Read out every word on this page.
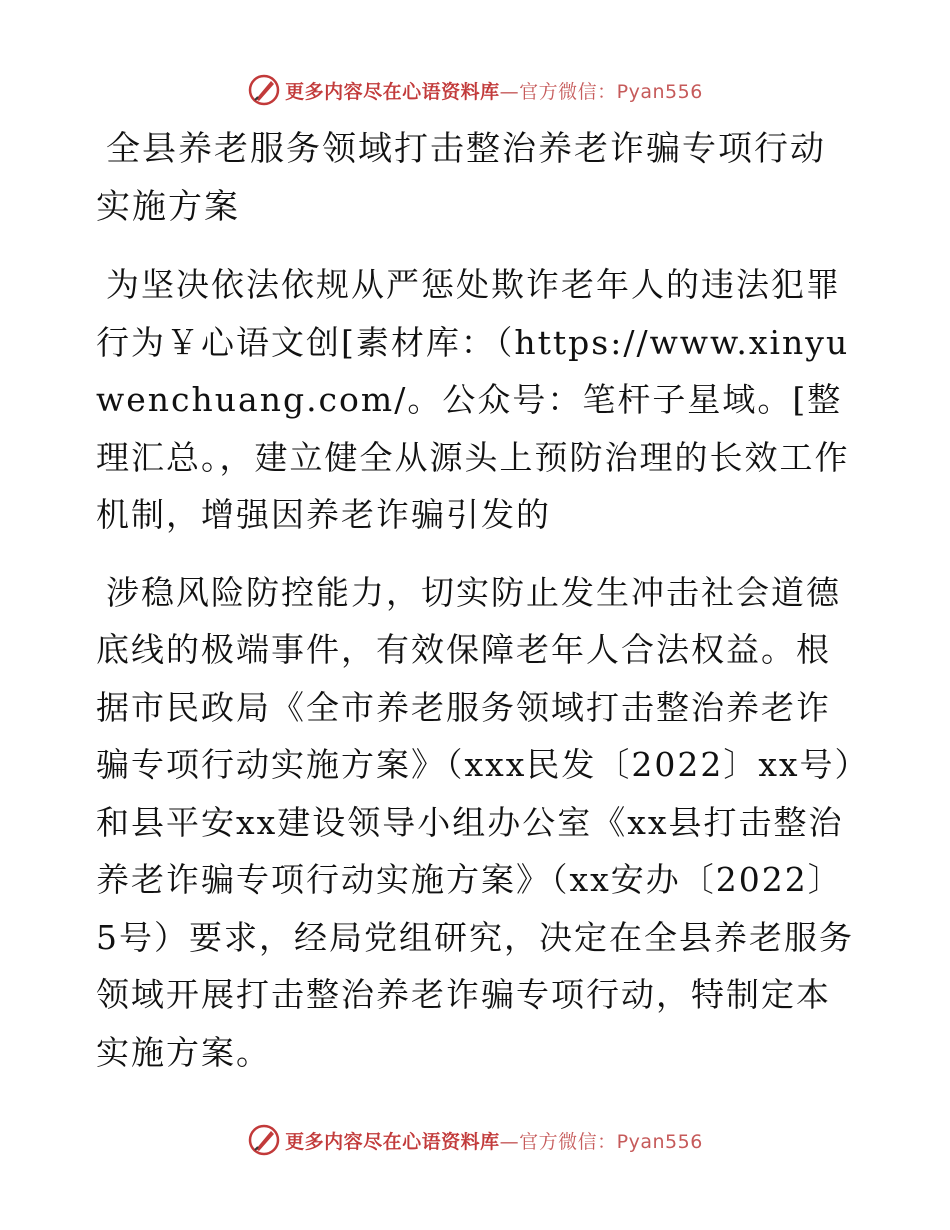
更多内容尽在心语资料库—官方微信：Pyan556
全县养老服务领域打击整治养老诈骗专项行动实施方案

为坚决依法依规从严惩处欺诈老年人的违法犯罪行为￥心语文创[素材库：（https://www.xinyuwenchuang.com/。公众号：笔杆子星域。[整理汇总。，建立健全从源头上预防治理的长效工作机制，增强因养老诈骗引发的

涉稳风险防控能力，切实防止发生冲击社会道德底线的极端事件，有效保障老年人合法权益。根据市民政局《全市养老服务领域打击整治养老诈骗专项行动实施方案》（xxx民发〔2022〕xx号）和县平安xx建设领导小组办公室《xx县打击整治养老诈骗专项行动实施方案》（xx安办〔2022〕5号）要求，经局党组研究，决定在全县养老服务领域开展打击整治养老诈骗专项行动，特制定本实施方案。

更多内容尽在心语资料库—官方微信：Pyan556
